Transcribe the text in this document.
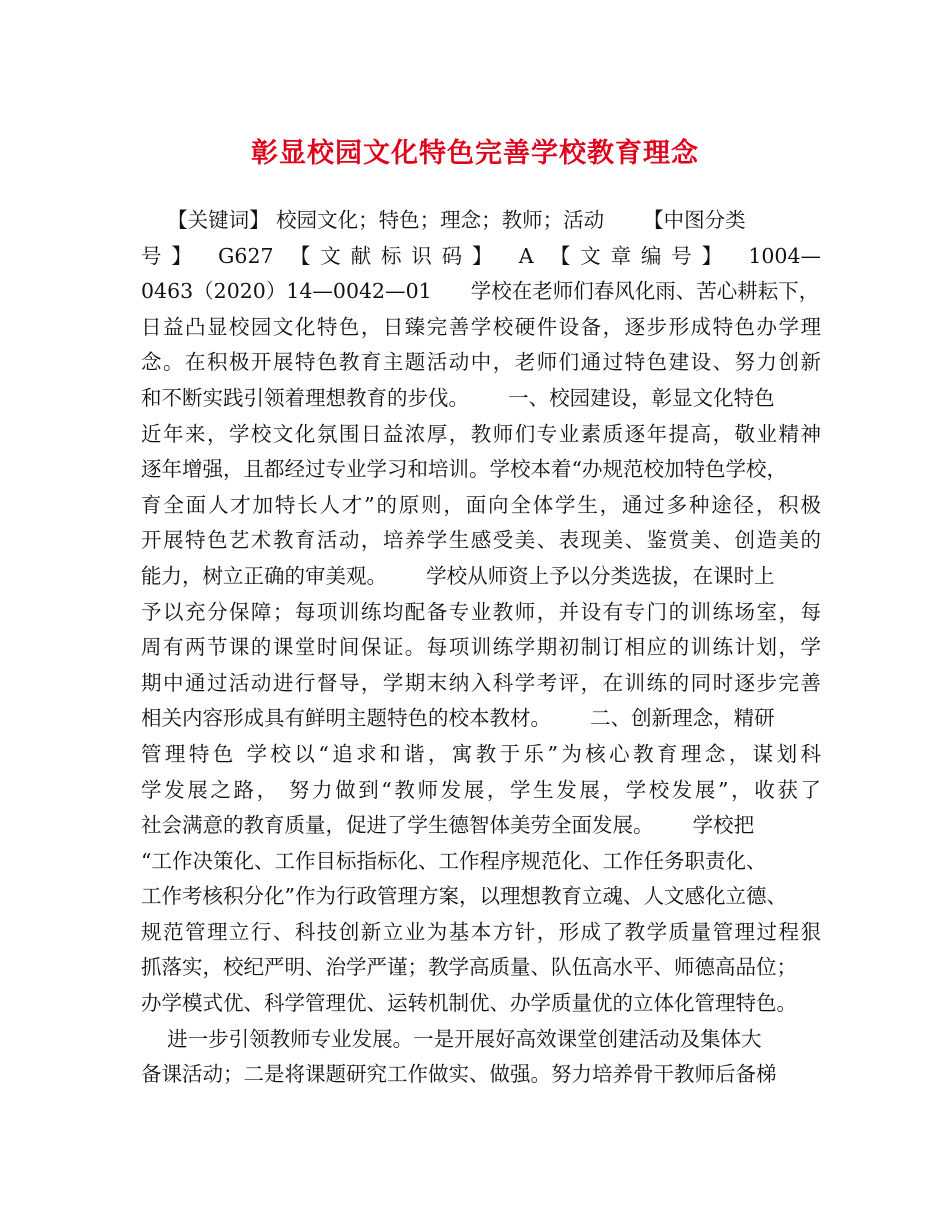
彰显校园文化特色完善学校教育理念
【关键词】 校园文化；特色；理念；教师；活动      【中图分类
号】 G627 【文献标识码】 A 【文章编号】 1004—
0463（2020）14—0042—01      学校在老师们春风化雨、苦心耕耘下，
日益凸显校园文化特色，日臻完善学校硬件设备，逐步形成特色办学理
念。在积极开展特色教育主题活动中，老师们通过特色建设、努力创新
和不断实践引领着理想教育的步伐。      一、校园建设，彰显文化特色
近年来，学校文化氛围日益浓厚，教师们专业素质逐年提高，敬业精神
逐年增强，且都经过专业学习和培训。学校本着“办规范校加特色学校，
育全面人才加特长人才”的原则，面向全体学生，通过多种途径，积极
开展特色艺术教育活动，培养学生感受美、表现美、鉴赏美、创造美的
能力，树立正确的审美观。      学校从师资上予以分类选拔，在课时上
予以充分保障；每项训练均配备专业教师，并设有专门的训练场室，每
周有两节课的课堂时间保证。每项训练学期初制订相应的训练计划，学
期中通过活动进行督导，学期末纳入科学考评，在训练的同时逐步完善
相关内容形成具有鲜明主题特色的校本教材。      二、创新理念，精研
管理特色 学校以“追求和谐，寓教于乐”为核心教育理念，谋划科
学发展之路， 努力做到“教师发展，学生发展，学校发展”，收获了
社会满意的教育质量，促进了学生德智体美劳全面发展。      学校把
“工作决策化、工作目标指标化、工作程序规范化、工作任务职责化、
工作考核积分化”作为行政管理方案，以理想教育立魂、人文感化立德、
规范管理立行、科技创新立业为基本方针，形成了教学质量管理过程狠
抓落实，校纪严明、治学严谨；教学高质量、队伍高水平、师德高品位；
办学模式优、科学管理优、运转机制优、办学质量优的立体化管理特色。
进一步引领教师专业发展。一是开展好高效课堂创建活动及集体大
备课活动；二是将课题研究工作做实、做强。努力培养骨干教师后备梯
